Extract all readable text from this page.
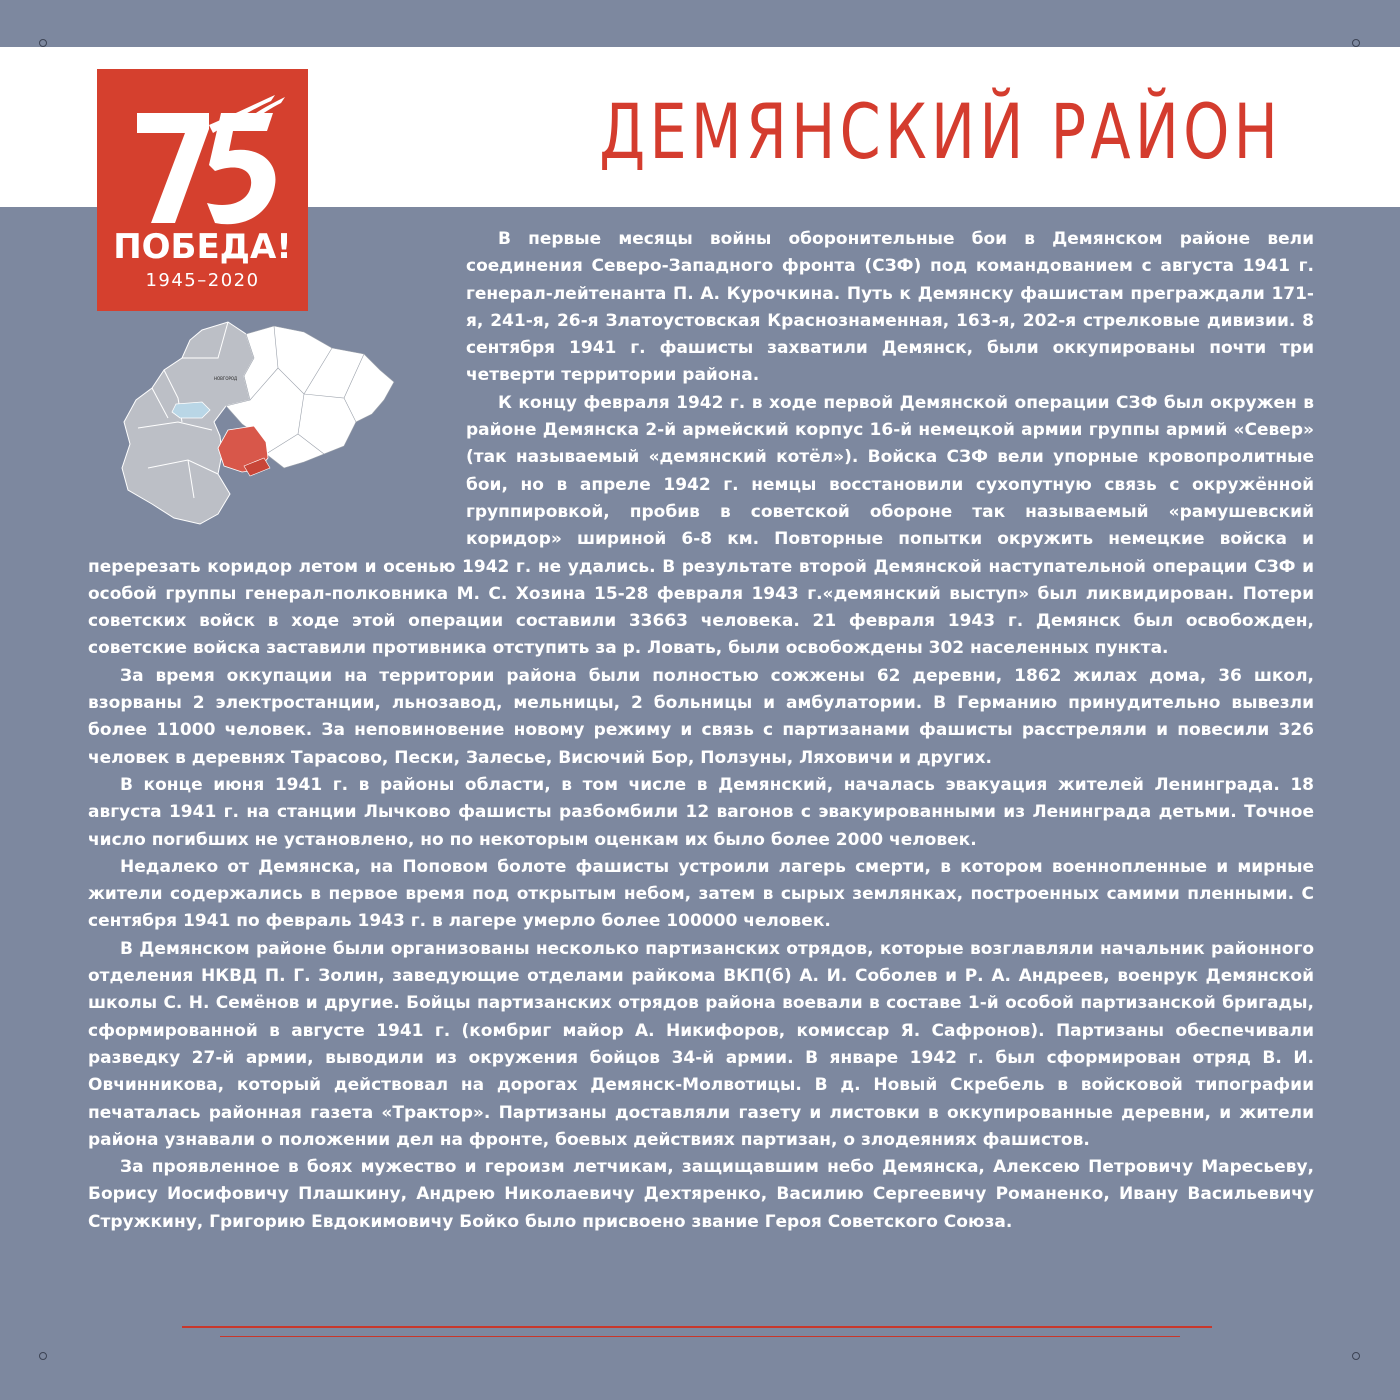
ДЕМЯНСКИЙ РАЙОН
ПОБЕДА!
1945–2020
НОВГОРОД

В первые месяцы войны оборонительные бои в Демянском районе вели соединения Северо-Западного фронта (СЗФ) под командованием с августа 1941 г. генерал-лейтенанта П. А. Курочкина. Путь к Демянску фашистам преграждали 171-я, 241-я, 26-я Златоустовская Краснознаменная, 163-я, 202-я стрелковые дивизии. 8 сентября 1941 г. фашисты захватили Демянск, были оккупированы почти три четверти территории района.

К концу февраля 1942 г. в ходе первой Демянской операции СЗФ был окружен в районе Демянска 2-й армейский корпус 16-й немецкой армии группы армий «Север» (так называемый «демянский котёл»). Войска СЗФ вели упорные кровопролитные бои, но в апреле 1942 г. немцы восстановили сухопутную связь с окружённой группировкой, пробив в советской обороне так называемый «рамушевский коридор» шириной 6-8 км. Повторные попытки окружить немецкие войска и перерезать коридор летом и осенью 1942 г. не удались. В результате второй Демянской наступательной операции СЗФ и особой группы генерал-полковника М. С. Хозина 15-28 февраля 1943 г.«демянский выступ» был ликвидирован. Потери советских войск в ходе этой операции составили 33663 человека. 21 февраля 1943 г. Демянск был освобожден, советские войска заставили противника отступить за р. Ловать, были освобождены 302 населенных пункта.

За время оккупации на территории района были полностью сожжены 62 деревни, 1862 жилах дома, 36 школ, взорваны 2 электростанции, льнозавод, мельницы, 2 больницы и амбулатории. В Германию принудительно вывезли более 11000 человек. За неповиновение новому режиму и связь с партизанами фашисты расстреляли и повесили 326 человек в деревнях Тарасово, Пески, Залесье, Висючий Бор, Ползуны, Ляховичи и других.

В конце июня 1941 г. в районы области, в том числе в Демянский, началась эвакуация жителей Ленинграда. 18 августа 1941 г. на станции Лычково фашисты разбомбили 12 вагонов с эвакуированными из Ленинграда детьми. Точное число погибших не установлено, но по некоторым оценкам их было более 2000 человек.

Недалеко от Демянска, на Поповом болоте фашисты устроили лагерь смерти, в котором военнопленные и мирные жители содержались в первое время под открытым небом, затем в сырых землянках, построенных самими пленными. С сентября 1941 по февраль 1943 г. в лагере умерло более 100000 человек.

В Демянском районе были организованы несколько партизанских отрядов, которые возглавляли начальник районного отделения НКВД П. Г. Золин, заведующие отделами райкома ВКП(б) А. И. Соболев и Р. А. Андреев, военрук Демянской школы С. Н. Семёнов и другие. Бойцы партизанских отрядов района воевали в составе 1-й особой партизанской бригады, сформированной в августе 1941 г. (комбриг майор А. Никифоров, комиссар Я. Сафронов). Партизаны обеспечивали разведку 27-й армии, выводили из окружения бойцов 34-й армии. В январе 1942 г. был сформирован отряд В. И. Овчинникова, который действовал на дорогах Демянск-Молвотицы. В д. Новый Скребель в войсковой типографии печаталась районная газета «Трактор». Партизаны доставляли газету и листовки в оккупированные деревни, и жители района узнавали о положении дел на фронте, боевых действиях партизан, о злодеяниях фашистов.

За проявленное в боях мужество и героизм летчикам, защищавшим небо Демянска, Алексею Петровичу Маресьеву, Борису Иосифовичу Плашкину, Андрею Николаевичу Дехтяренко, Василию Сергеевичу Романенко, Ивану Васильевичу Стружкину, Григорию Евдокимовичу Бойко было присвоено звание Героя Советского Союза.
